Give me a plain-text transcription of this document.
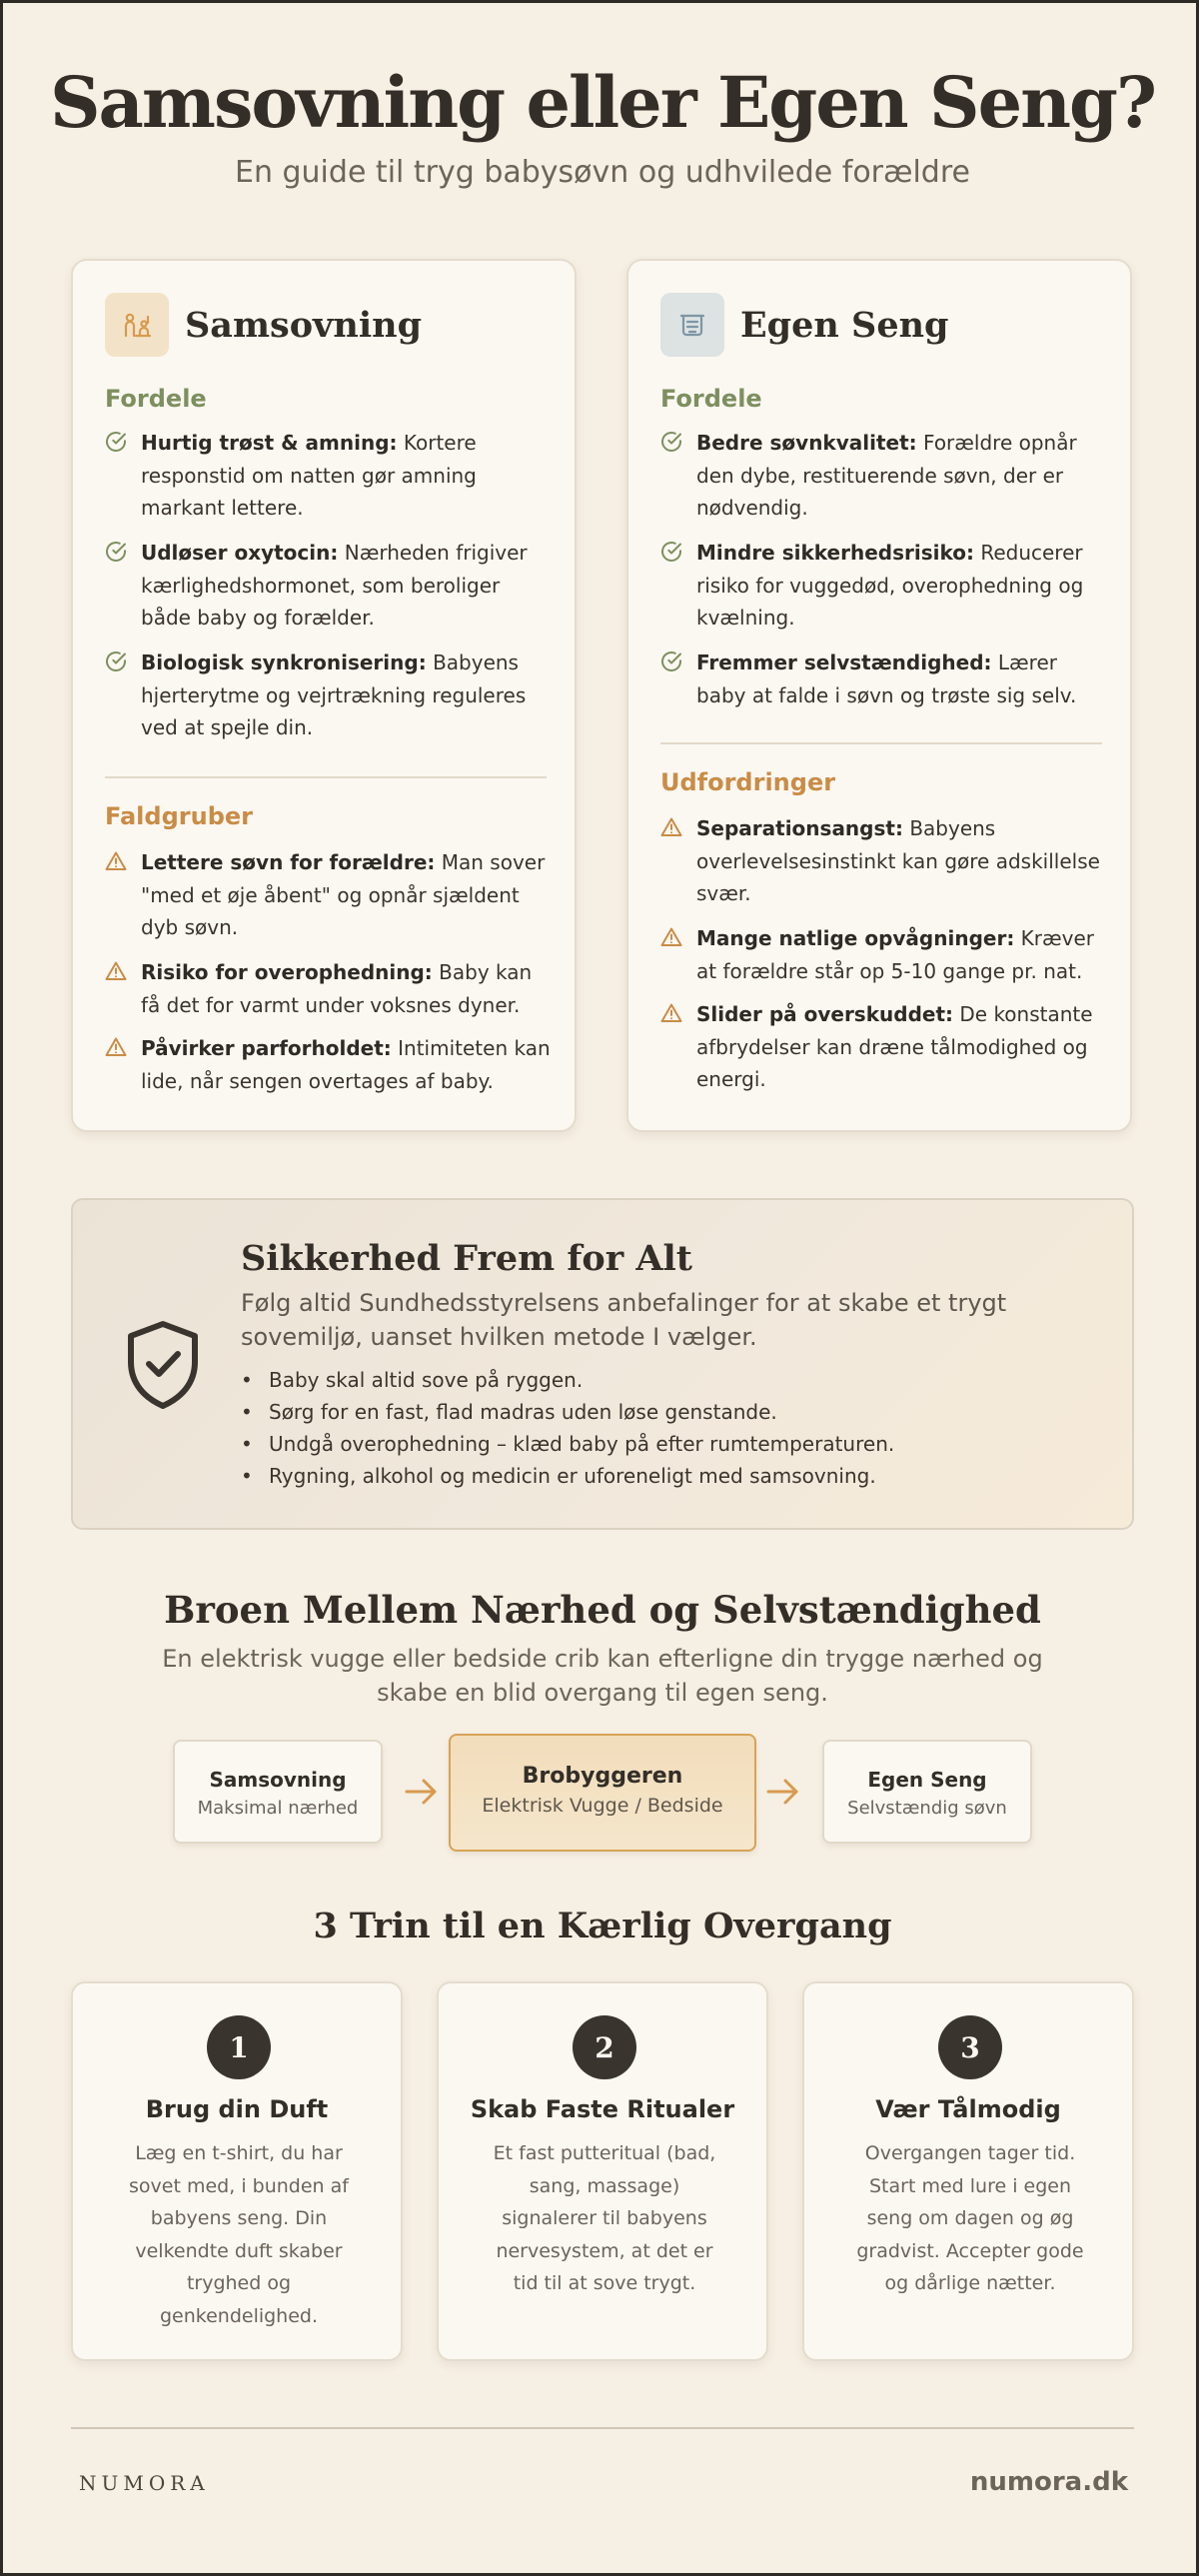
Samsovning eller Egen Seng?
En guide til tryg babysøvn og udhvilede forældre
Samsovning
Fordele
Hurtig trøst & amning: Kortere responstid om natten gør amning markant lettere.
Udløser oxytocin: Nærheden frigiver kærlighedshormonet, som beroliger både baby og forælder.
Biologisk synkronisering: Babyens hjerterytme og vejrtrækning reguleres ved at spejle din.
Faldgruber
Lettere søvn for forældre: Man sover "med et øje åbent" og opnår sjældent dyb søvn.
Risiko for overophedning: Baby kan få det for varmt under voksnes dyner.
Påvirker parforholdet: Intimiteten kan lide, når sengen overtages af baby.
Egen Seng
Fordele
Bedre søvnkvalitet: Forældre opnår den dybe, restituerende søvn, der er nødvendig.
Mindre sikkerhedsrisiko: Reducerer risiko for vuggedød, overophedning og kvælning.
Fremmer selvstændighed: Lærer baby at falde i søvn og trøste sig selv.
Udfordringer
Separationsangst: Babyens overlevelsesinstinkt kan gøre adskillelse svær.
Mange natlige opvågninger: Kræver at forældre står op 5-10 gange pr. nat.
Slider på overskuddet: De konstante afbrydelser kan dræne tålmodighed og energi.
Sikkerhed Frem for Alt
Følg altid Sundhedsstyrelsens anbefalinger for at skabe et trygt sovemiljø, uanset hvilken metode I vælger.
• Baby skal altid sove på ryggen.
• Sørg for en fast, flad madras uden løse genstande.
• Undgå overophedning – klæd baby på efter rumtemperaturen.
• Rygning, alkohol og medicin er uforeneligt med samsovning.
Broen Mellem Nærhed og Selvstændighed
En elektrisk vugge eller bedside crib kan efterligne din trygge nærhed og skabe en blid overgang til egen seng.
Samsovning
Maksimal nærhed
Brobyggeren
Elektrisk Vugge / Bedside
Egen Seng
Selvstændig søvn
3 Trin til en Kærlig Overgang
1
Brug din Duft
Læg en t-shirt, du har sovet med, i bunden af babyens seng. Din velkendte duft skaber tryghed og genkendelighed.
2
Skab Faste Ritualer
Et fast putteritual (bad, sang, massage) signalerer til babyens nervesystem, at det er tid til at sove trygt.
3
Vær Tålmodig
Overgangen tager tid. Start med lure i egen seng om dagen og øg gradvist. Accepter gode og dårlige nætter.
NUMORA	numora.dk
